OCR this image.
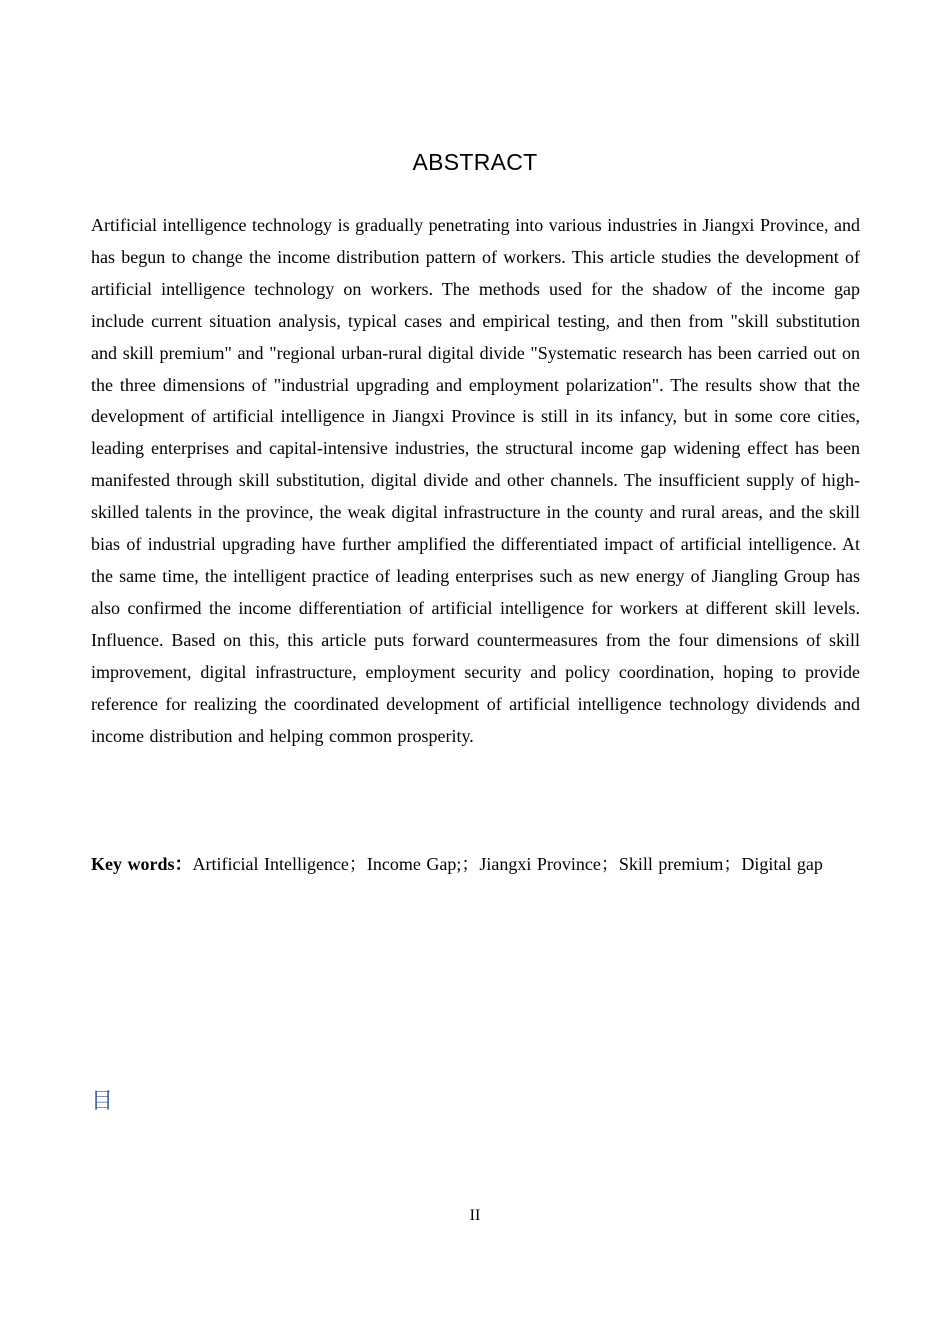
ABSTRACT

Artificial intelligence technology is gradually penetrating into various industries in Jiangxi Province, and has begun to change the income distribution pattern of workers. This article studies the development of artificial intelligence technology on workers. The methods used for the shadow of the income gap include current situation analysis, typical cases and empirical testing, and then from "skill substitution and skill premium" and "regional urban-rural digital divide "Systematic research has been carried out on the three dimensions of "industrial upgrading and employment polarization". The results show that the development of artificial intelligence in Jiangxi Province is still in its infancy, but in some core cities, leading enterprises and capital-intensive industries, the structural income gap widening effect has been manifested through skill substitution, digital divide and other channels. The insufficient supply of high-skilled talents in the province, the weak digital infrastructure in the county and rural areas, and the skill bias of industrial upgrading have further amplified the differentiated impact of artificial intelligence. At the same time, the intelligent practice of leading enterprises such as new energy of Jiangling Group has also confirmed the income differentiation of artificial intelligence for workers at different skill levels. Influence. Based on this, this article puts forward countermeasures from the four dimensions of skill improvement, digital infrastructure, employment security and policy coordination, hoping to provide reference for realizing the coordinated development of artificial intelligence technology dividends and income distribution and helping common prosperity.

Key words：Artificial Intelligence；Income Gap;；Jiangxi Province；Skill premium；Digital gap

目
II
